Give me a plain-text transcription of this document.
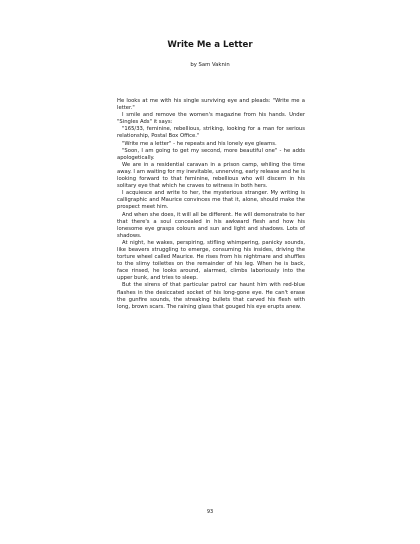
Write Me a Letter
by Sam Vaknin

He looks at me with his single surviving eye and pleads: "Write me a letter."

I smile and remove the women's magazine from his hands. Under "Singles Ads" it says:

"165/33, feminine, rebellious, striking, looking for a man for serious relationship, Postal Box Office."

"Write me a letter" - he repeats and his lonely eye gleams.

"Soon, I am going to get my second, more beautiful one" - he adds apologetically.

We are in a residential caravan in a prison camp, whiling the time away. I am waiting for my inevitable, unnerving, early release and he is looking forward to that feminine, rebellious who will discern in his solitary eye that which he craves to witness in both hers.

I acquiesce and write to her, the mysterious stranger. My writing is calligraphic and Maurice convinces me that it, alone, should make the prospect meet him.

And when she does, it will all be different. He will demonstrate to her that there's a soul concealed in his awkward flesh and how his lonesome eye grasps colours and sun and light and shadows. Lots of shadows.

At night, he wakes, perspiring, stifling whimpering, panicky sounds, like beavers struggling to emerge, consuming his insides, driving the torture wheel called Maurice. He rises from his nightmare and shuffles to the slimy toilettes on the remainder of his leg. When he is back, face rinsed, he looks around, alarmed, climbs laboriously into the upper bunk, and tries to sleep.

But the sirens of that particular patrol car haunt him with red-blue flashes in the desiccated socket of his long-gone eye. He can't erase the gunfire sounds, the streaking bullets that carved his flesh with long, brown scars. The raining glass that gouged his eye erupts anew.

93
